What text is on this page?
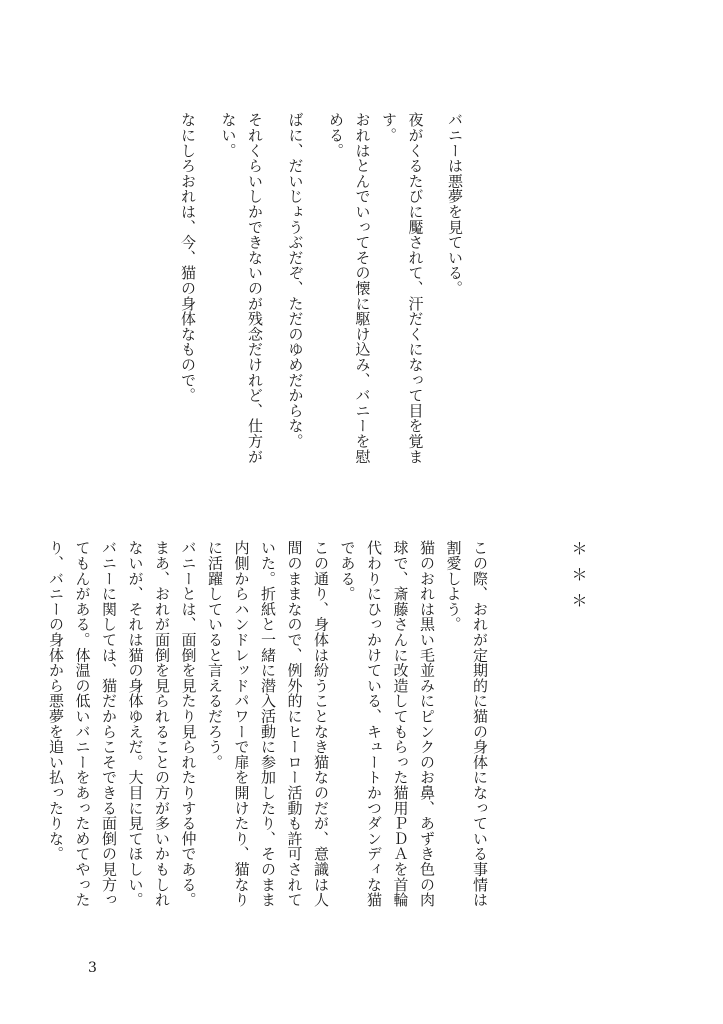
バニーは悪夢を見ている。

夜がくるたびに魘されて、汗だくになって目を覚ます。

おれはとんでいってその懐に駆け込み、バニーを慰める。

ばに、だいじょうぶだぞ、ただのゆめだからな。

それくらいしかできないのが残念だけれど、仕方がない。

なにしろおれは、今、猫の身体なもので。

＊＊＊

この際、おれが定期的に猫の身体になっている事情は割愛しよう。

猫のおれは黒い毛並みにピンクのお鼻、あずき色の肉球で、斎藤さんに改造してもらった猫用ＰＤＡを首輪代わりにひっかけている、キュートかつダンディな猫である。

この通り、身体は紛うことなき猫なのだが、意識は人間のままなので、例外的にヒーロー活動も許可されていた。折紙と一緒に潜入活動に参加したり、そのまま内側からハンドレッドパワーで扉を開けたり、猫なりに活躍していると言えるだろう。

バニーとは、面倒を見たり見られたりする仲である。まあ、おれが面倒を見られることの方が多いかもしれないが、それは猫の身体ゆえだ。大目に見てほしい。

バニーに関しては、猫だからこそできる面倒の見方ってもんがある。体温の低いバニーをあっためてやったり、バニーの身体から悪夢を追い払ったりな。

3
